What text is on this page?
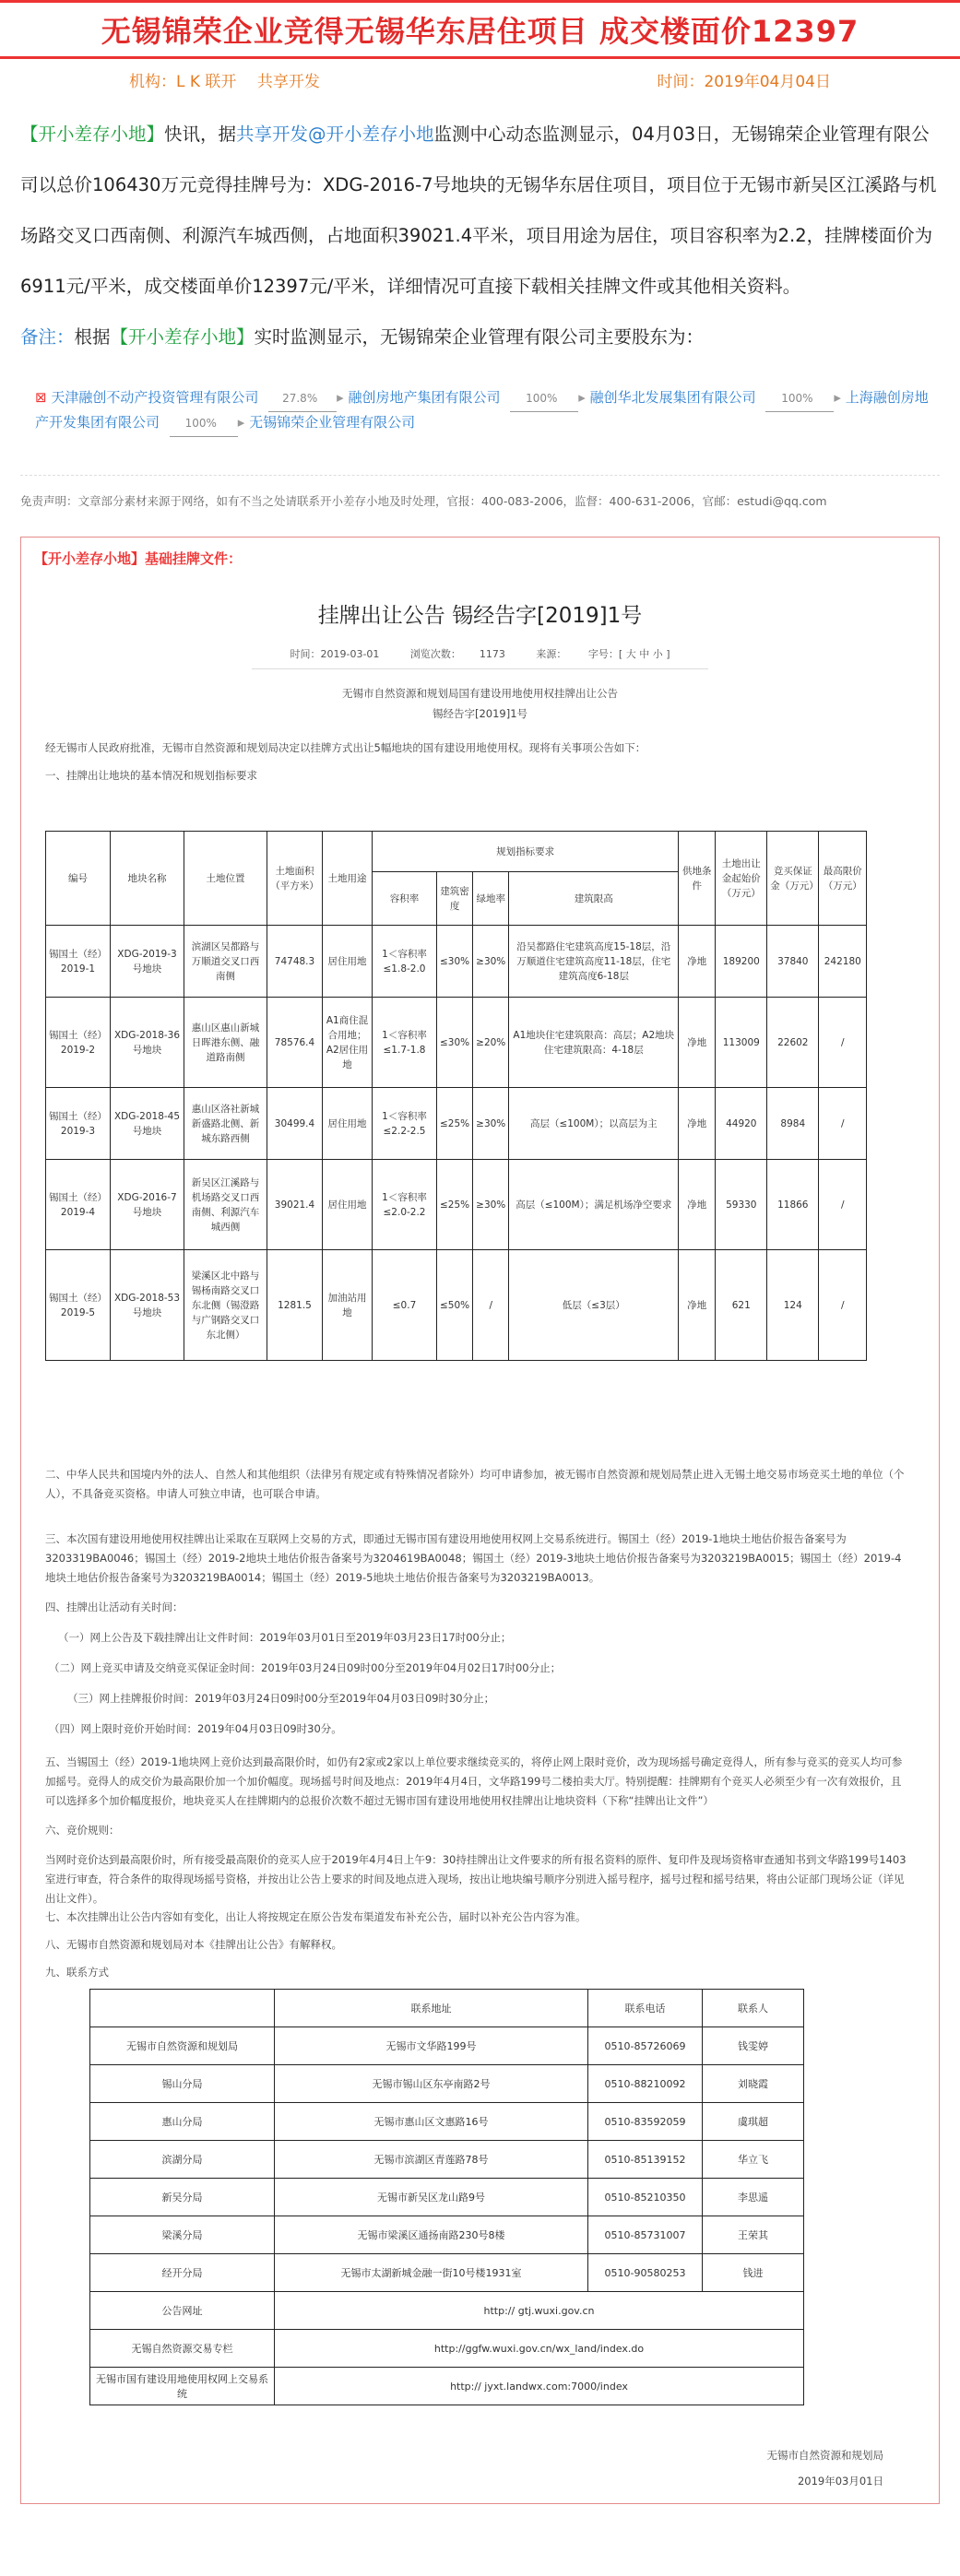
无锡锦荣企业竞得无锡华东居住项目 成交楼面价12397
机构：L K 联开　 共享开发	时间：2019年04月04日
【开小差存小地】快讯，据共享开发@开小差存小地监测中心动态监测显示，04月03日，无锡锦荣企业管理有限公司以总价106430万元竞得挂牌号为：XDG-2016-7号地块的无锡华东居住项目，项目位于无锡市新吴区江溪路与机场路交叉口西南侧、利源汽车城西侧，占地面积39021.4平米，项目用途为居住，项目容积率为2.2，挂牌楼面价为6911元/平米，成交楼面单价12397元/平米，详细情况可直接下载相关挂牌文件或其他相关资料。
备注：根据【开小差存小地】实时监测显示，无锡锦荣企业管理有限公司主要股东为：
⊠ 天津融创不动产投资管理有限公司 27.8% ▸ 融创房地产集团有限公司 100% ▸ 融创华北发展集团有限公司 100% ▸ 上海融创房地
产开发集团有限公司 100% ▸ 无锡锦荣企业管理有限公司
免责声明：文章部分素材来源于网络，如有不当之处请联系开小差存小地及时处理，官报：400-083-2006，监督：400-631-2006，官邮：estudi@qq.com
【开小差存小地】基础挂牌文件：
挂牌出让公告 锡经告字[2019]1号
时间：2019-03-01	浏览次数： 1173	来源： 字号：[ 大 中 小 ]
无锡市自然资源和规划局国有建设用地使用权挂牌出让公告
锡经告字[2019]1号
经无锡市人民政府批准，无锡市自然资源和规划局决定以挂牌方式出让5幅地块的国有建设用地使用权。现将有关事项公告如下：
一、挂牌出让地块的基本情况和规划指标要求
编号	地块名称	土地位置	土地面积（平方米）	土地用途	规划指标要求				供地条件	土地出让金起始价（万元）	竞买保证金（万元）	最高限价（万元）
					容积率	建筑密度	绿地率	建筑限高				
锡国土（经）2019-1	XDG-2019-3号地块	滨湖区吴都路与万顺道交叉口西南侧	74748.3	居住用地	1＜容积率≤1.8-2.0	≤30%	≥30%	沿吴都路住宅建筑高度15-18层，沿万顺道住宅建筑高度11-18层，住宅建筑高度6-18层	净地	189200	37840	242180
锡国土（经）2019-2	XDG-2018-36号地块	惠山区惠山新城日晖港东侧、融道路南侧	78576.4	A1商住混合用地；A2居住用地	1＜容积率≤1.7-1.8	≤30%	≥20%	A1地块住宅建筑限高：高层；A2地块住宅建筑限高：4-18层	净地	113009	22602	/
锡国土（经）2019-3	XDG-2018-45号地块	惠山区洛社新城新盛路北侧、新城东路西侧	30499.4	居住用地	1＜容积率≤2.2-2.5	≤25%	≥30%	高层（≤100M）；以高层为主	净地	44920	8984	/
锡国土（经）2019-4	XDG-2016-7号地块	新吴区江溪路与机场路交叉口西南侧、利源汽车城西侧	39021.4	居住用地	1＜容积率≤2.0-2.2	≤25%	≥30%	高层（≤100M）；满足机场净空要求	净地	59330	11866	/
锡国土（经）2019-5	XDG-2018-53号地块	梁溪区北中路与锡杨南路交叉口东北侧（锡澄路与广钢路交叉口东北侧）	1281.5	加油站用地	≤0.7	≤50%	/	低层（≤3层）	净地	621	124	/
二、中华人民共和国境内外的法人、自然人和其他组织（法律另有规定或有特殊情况者除外）均可申请参加，被无锡市自然资源和规划局禁止进入无锡土地交易市场竞买土地的单位（个人），不具备竞买资格。申请人可独立申请，也可联合申请。
三、本次国有建设用地使用权挂牌出让采取在互联网上交易的方式，即通过无锡市国有建设用地使用权网上交易系统进行。锡国土（经）2019-1地块土地估价报告备案号为3203319BA0046；锡国土（经）2019-2地块土地估价报告备案号为3204619BA0048；锡国土（经）2019-3地块土地估价报告备案号为3203219BA0015；锡国土（经）2019-4地块土地估价报告备案号为3203219BA0014；锡国土（经）2019-5地块土地估价报告备案号为3203219BA0013。
四、挂牌出让活动有关时间：
（一）网上公告及下载挂牌出让文件时间：2019年03月01日至2019年03月23日17时00分止；
（二）网上竞买申请及交纳竞买保证金时间：2019年03月24日09时00分至2019年04月02日17时00分止；
（三）网上挂牌报价时间：2019年03月24日09时00分至2019年04月03日09时30分止；
（四）网上限时竞价开始时间：2019年04月03日09时30分。
五、当锡国土（经）2019-1地块网上竞价达到最高限价时，如仍有2家或2家以上单位要求继续竞买的，将停止网上限时竞价，改为现场摇号确定竞得人，所有参与竞买的竞买人均可参加摇号。竞得人的成交价为最高限价加一个加价幅度。现场摇号时间及地点：2019年4月4日，文华路199号二楼拍卖大厅。特别提醒：挂牌期有个竞买人必须至少有一次有效报价，且可以选择多个加价幅度报价，地块竞买人在挂牌期内的总报价次数不超过无锡市国有建设用地使用权挂牌出让地块资料（下称“挂牌出让文件”）
六、竞价规则：
当网时竞价达到最高限价时，所有接受最高限价的竞买人应于2019年4月4日上午9：30持挂牌出让文件要求的所有报名资料的原件、复印件及现场资格审查通知书到文华路199号1403室进行审查，符合条件的取得现场摇号资格，并按出让公告上要求的时间及地点进入现场，按出让地块编号顺序分别进入摇号程序，摇号过程和摇号结果，将由公证部门现场公证（详见出让文件）。
七、本次挂牌出让公告内容如有变化，出让人将按规定在原公告发布渠道发布补充公告，届时以补充公告内容为准。
八、无锡市自然资源和规划局对本《挂牌出让公告》有解释权。
九、联系方式
	联系地址	联系电话	联系人
无锡市自然资源和规划局	无锡市文华路199号	0510-85726069	钱雯婷
锡山分局	无锡市锡山区东亭南路2号	0510-88210092	刘晓霞
惠山分局	无锡市惠山区文惠路16号	0510-83592059	虞琪超
滨湖分局	无锡市滨湖区青莲路78号	0510-85139152	华立飞
新吴分局	无锡市新吴区龙山路9号	0510-85210350	李思遥
梁溪分局	无锡市梁溪区通扬南路230号8楼	0510-85731007	王荣其
经开分局	无锡市太湖新城金融一街10号楼1931室	0510-90580253	钱进
公告网址	http:// gtj.wuxi.gov.cn		
无锡自然资源交易专栏	http://ggfw.wuxi.gov.cn/wx_land/index.do		
无锡市国有建设用地使用权网上交易系统	http:// jyxt.landwx.com:7000/index		
无锡市自然资源和规划局
2019年03月01日
